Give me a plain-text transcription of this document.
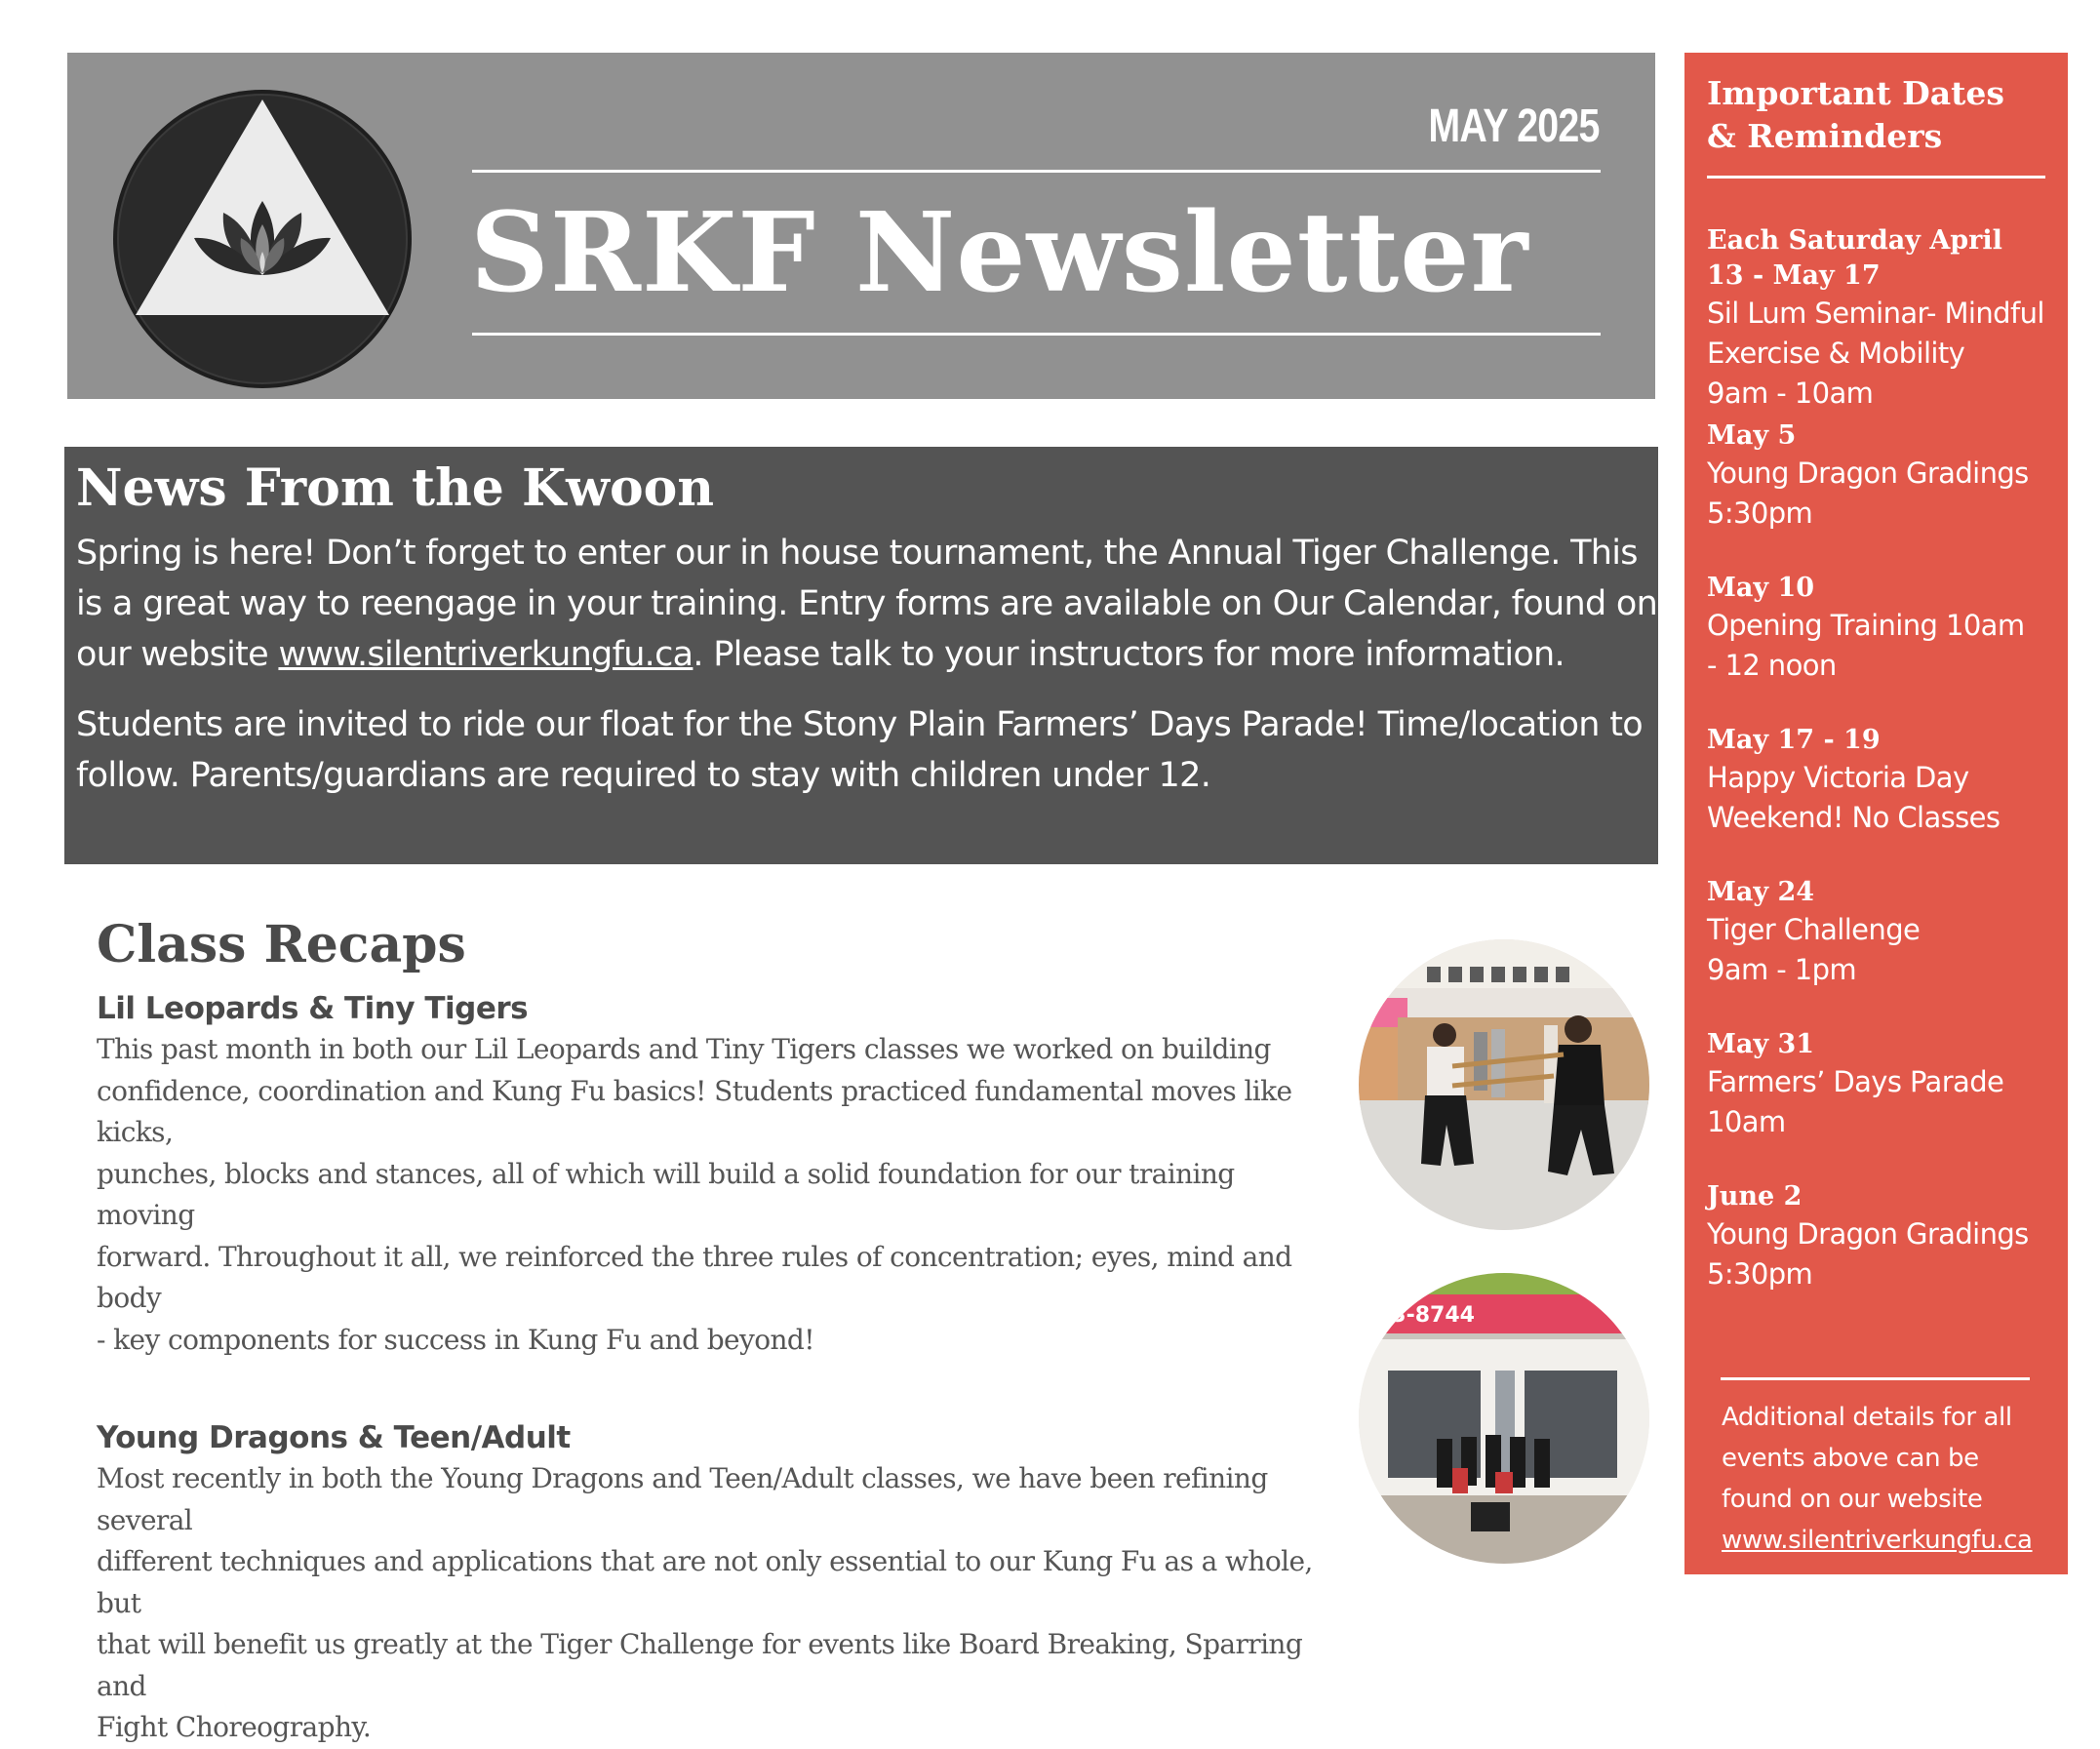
MAY 2025
SRKF Newsletter
News From the Kwoon

Spring is here! Don’t forget to enter our in house tournament, the Annual Tiger Challenge. This is a great way to reengage in your training. Entry forms are available on Our Calendar, found on our website www.silentriverkungfu.ca. Please talk to your instructors for more information.

Students are invited to ride our float for the Stony Plain Farmers’ Days Parade! Time/location to follow. Parents/guardians are required to stay with children under 12.

Class Recaps
Lil Leopards & Tiny Tigers

This past month in both our Lil Leopards and Tiny Tigers classes we worked on building
confidence, coordination and Kung Fu basics! Students practiced fundamental moves like kicks,
punches, blocks and stances, all of which will build a solid foundation for our training moving
forward. Throughout it all, we reinforced the three rules of concentration; eyes, mind and body
- key components for success in Kung Fu and beyond!

Young Dragons & Teen/Adult

Most recently in both the Young Dragons and Teen/Adult classes, we have been refining several
different techniques and applications that are not only essential to our Kung Fu as a whole, but
that will benefit us greatly at the Tiger Challenge for events like Board Breaking, Sparring and
Fight Choreography.

33-8744
Important Dates
& Reminders
Each Saturday April
13 - May 17
Sil Lum Seminar- Mindful
Exercise & Mobility
9am - 10am
May 5
Young Dragon Gradings
5:30pm
May 10
Opening Training 10am
- 12 noon
May 17 - 19
Happy Victoria Day
Weekend! No Classes
May 24
Tiger Challenge
9am - 1pm
May 31
Farmers’ Days Parade
10am
June 2
Young Dragon Gradings
5:30pm
Additional details for all
events above can be
found on our website
www.silentriverkungfu.ca
